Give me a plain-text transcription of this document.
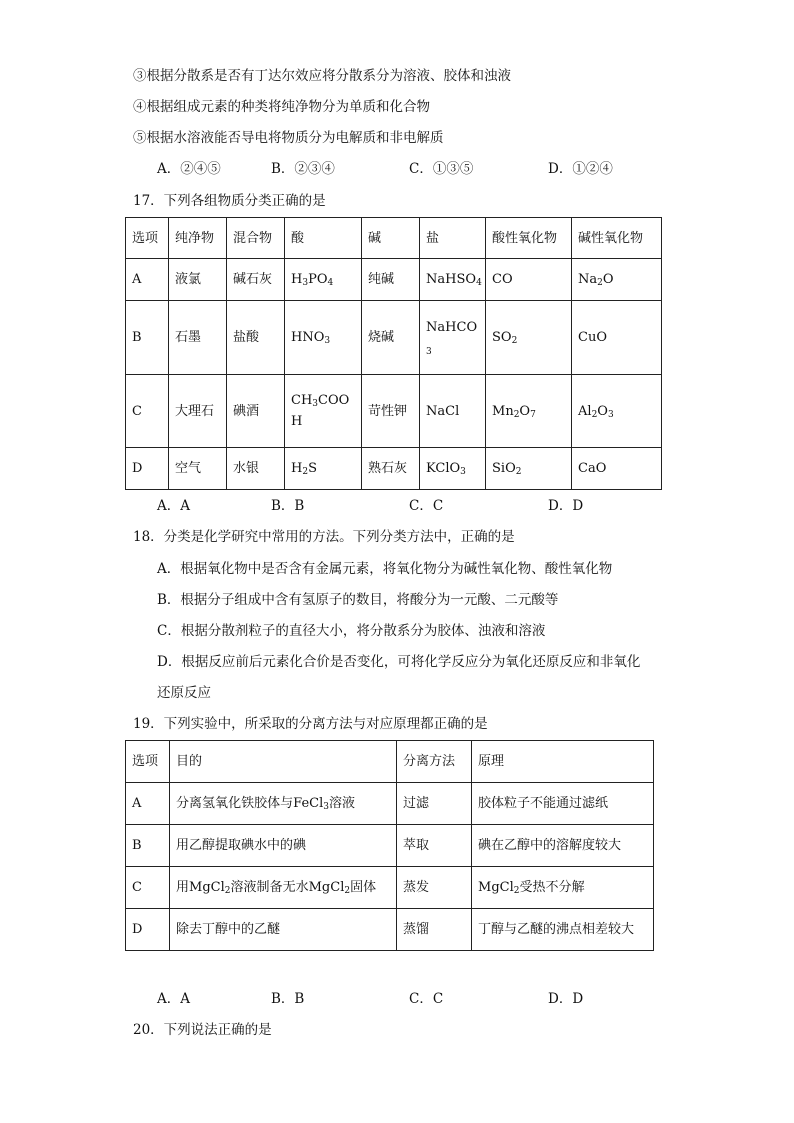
③根据分散系是否有丁达尔效应将分散系分为溶液、胶体和浊液
④根据组成元素的种类将纯净物分为单质和化合物
⑤根据水溶液能否导电将物质分为电解质和非电解质
A．②④⑤	B．②③④	C．①③⑤	D．①②④
17．下列各组物质分类正确的是
选项	纯净物	混合物	酸	碱	盐	酸性氧化物	碱性氧化物
A	液氯	碱石灰	$H_3PO_4$	纯碱	NaHSO$_4$	CO	$Na_2O$
B	石墨	盐酸	$HNO_3$	烧碱	NaHCO$_3$	$SO_2$	CuO
C	大理石	碘酒	$CH_3COOH$	苛性钾	NaCl	$Mn_2O_7$	$Al_2O_3$
D	空气	水银	$H_2S$	熟石灰	KClO$_3$	SiO$_2$	CaO
A．A	B．B	C．C	D．D
18．分类是化学研究中常用的方法。下列分类方法中，正确的是
A．根据氧化物中是否含有金属元素，将氧化物分为碱性氧化物、酸性氧化物
B．根据分子组成中含有氢原子的数目，将酸分为一元酸、二元酸等
C．根据分散剂粒子的直径大小，将分散系分为胶体、浊液和溶液
D．根据反应前后元素化合价是否变化，可将化学反应分为氧化还原反应和非氧化
还原反应
19．下列实验中，所采取的分离方法与对应原理都正确的是
选项	目的	分离方法	原理
A	分离氢氧化铁胶体与FeCl$_3$溶液	过滤	胶体粒子不能通过滤纸
B	用乙醇提取碘水中的碘	萃取	碘在乙醇中的溶解度较大
C	用MgCl$_2$溶液制备无水MgCl$_2$固体	蒸发	MgCl$_2$受热不分解
D	除去丁醇中的乙醚	蒸馏	丁醇与乙醚的沸点相差较大
A．A	B．B	C．C	D．D
20．下列说法正确的是
